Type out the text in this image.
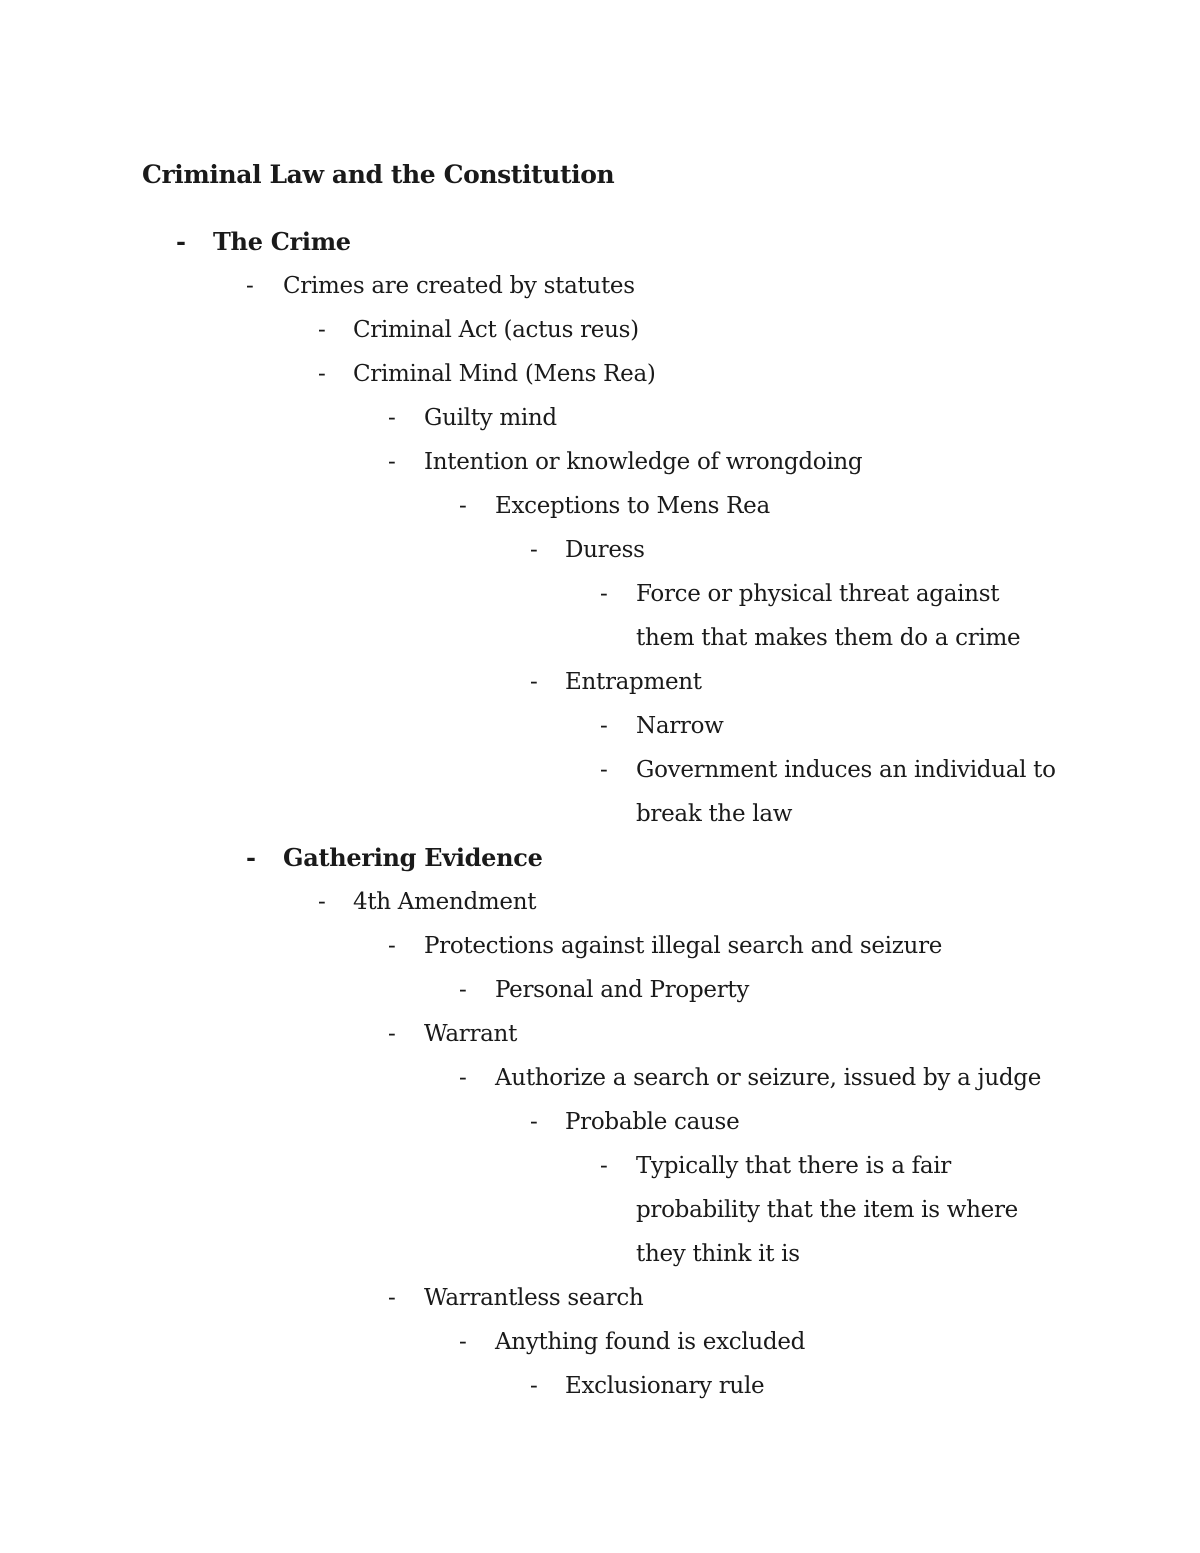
Criminal Law and the Constitution
- The Crime
- Crimes are created by statutes
- Criminal Act (actus reus)
- Criminal Mind (Mens Rea)
- Guilty mind
- Intention or knowledge of wrongdoing
- Exceptions to Mens Rea
- Duress
- Force or physical threat against them that makes them do a crime
- Entrapment
- Narrow
- Government induces an individual to break the law
- Gathering Evidence
- 4th Amendment
- Protections against illegal search and seizure
- Personal and Property
- Warrant
- Authorize a search or seizure, issued by a judge
- Probable cause
- Typically that there is a fair probability that the item is where they think it is
- Warrantless search
- Anything found is excluded
- Exclusionary rule
